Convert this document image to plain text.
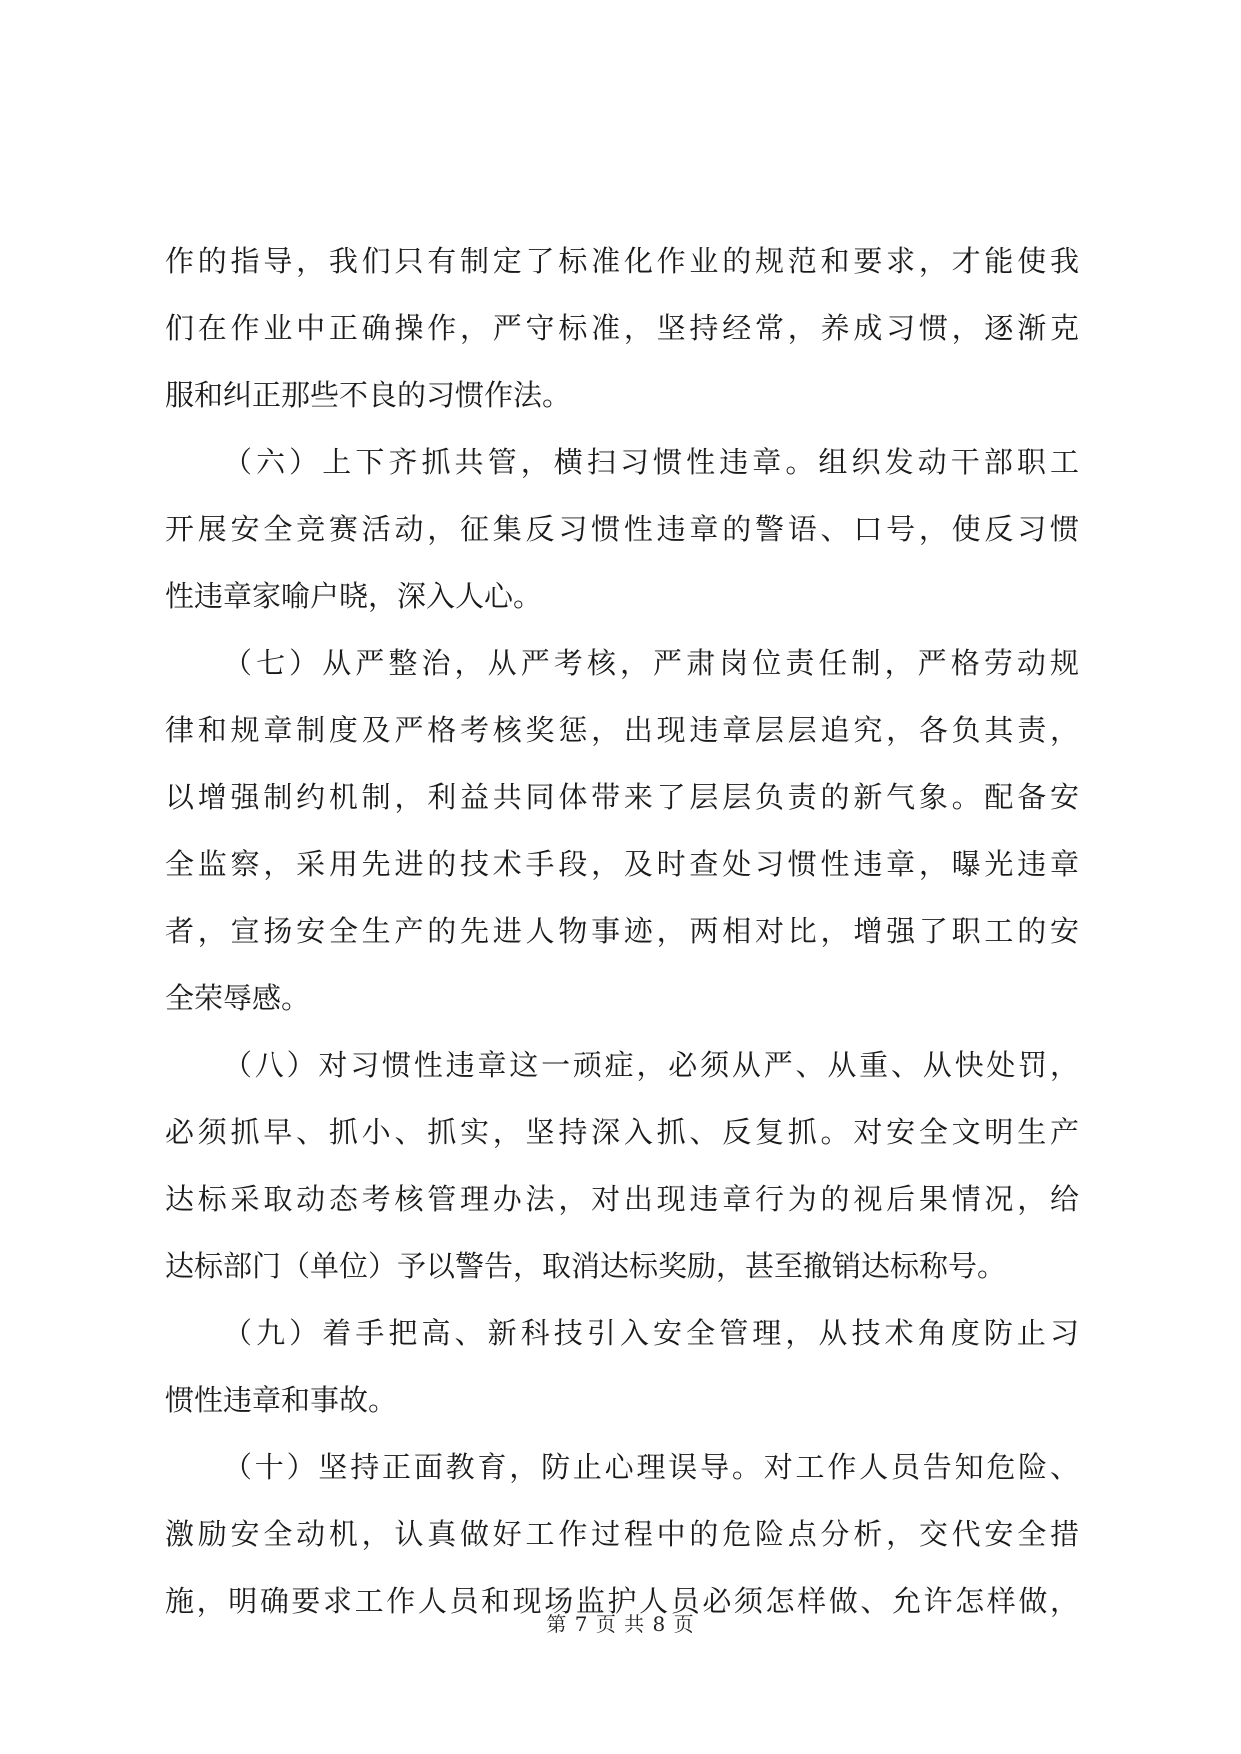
作的指导，我们只有制定了标准化作业的规范和要求，才能使我
们在作业中正确操作，严守标准，坚持经常，养成习惯，逐渐克
服和纠正那些不良的习惯作法。
（六）上下齐抓共管，横扫习惯性违章。组织发动干部职工
开展安全竞赛活动，征集反习惯性违章的警语、口号，使反习惯
性违章家喻户晓，深入人心。
（七）从严整治，从严考核，严肃岗位责任制，严格劳动规
律和规章制度及严格考核奖惩，出现违章层层追究，各负其责，
以增强制约机制，利益共同体带来了层层负责的新气象。配备安
全监察，采用先进的技术手段，及时查处习惯性违章，曝光违章
者，宣扬安全生产的先进人物事迹，两相对比，增强了职工的安
全荣辱感。
（八）对习惯性违章这一顽症，必须从严、从重、从快处罚，
必须抓早、抓小、抓实，坚持深入抓、反复抓。对安全文明生产
达标采取动态考核管理办法，对出现违章行为的视后果情况，给
达标部门（单位）予以警告，取消达标奖励，甚至撤销达标称号。
（九）着手把高、新科技引入安全管理，从技术角度防止习
惯性违章和事故。
（十）坚持正面教育，防止心理误导。对工作人员告知危险、
激励安全动机，认真做好工作过程中的危险点分析，交代安全措
施，明确要求工作人员和现场监护人员必须怎样做、允许怎样做，
第 7 页 共 8 页
